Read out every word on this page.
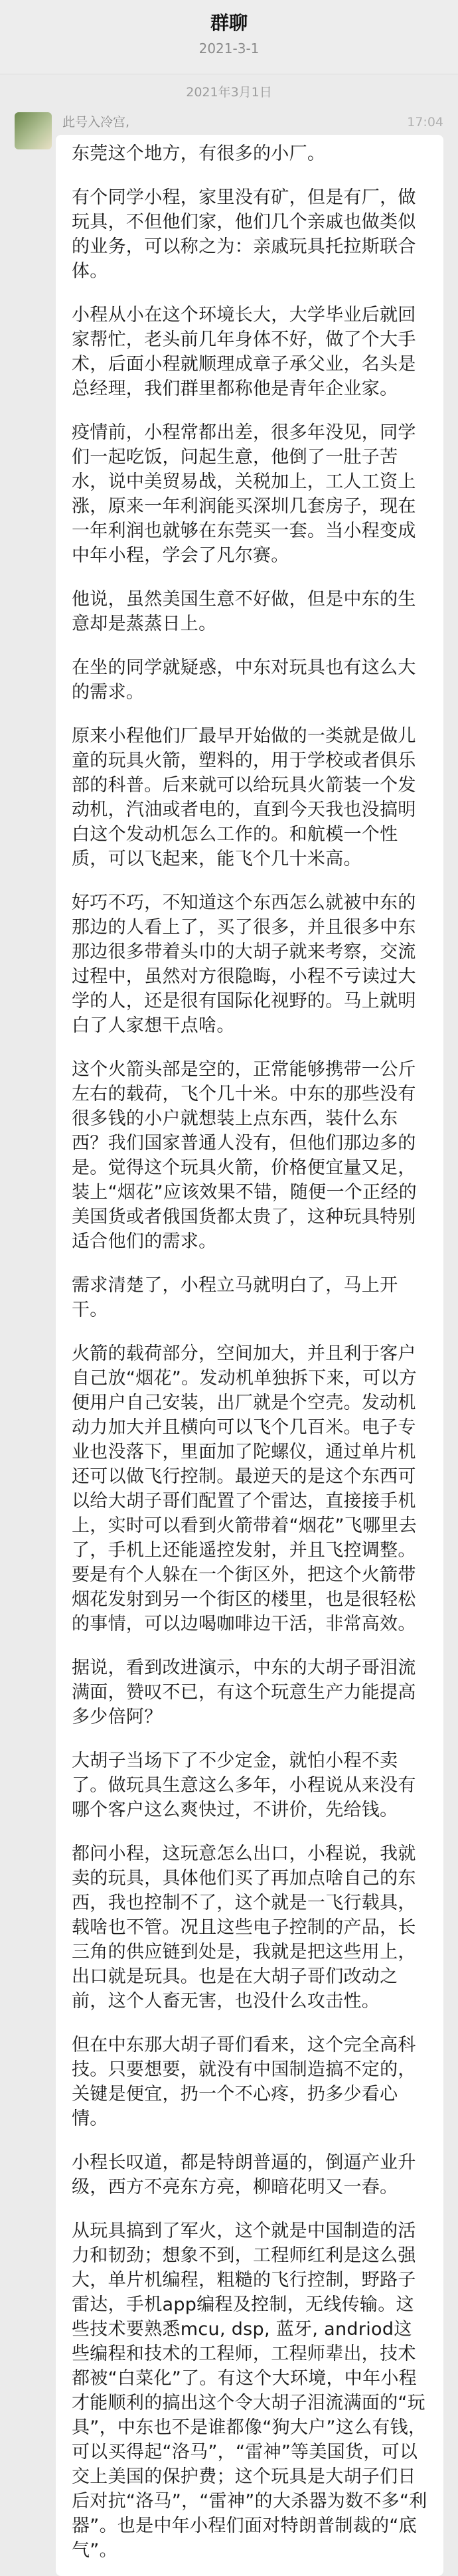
群聊
2021-3-1
2021年3月1日
此号入冷宫,	17:04

东莞这个地方，有很多的小厂。

有个同学小程，家里没有矿，但是有厂，做玩具，不但他们家，他们几个亲戚也做类似的业务，可以称之为：亲戚玩具托拉斯联合体。

小程从小在这个环境长大，大学毕业后就回家帮忙，老头前几年身体不好，做了个大手术，后面小程就顺理成章子承父业，名头是总经理，我们群里都称他是青年企业家。

疫情前，小程常都出差，很多年没见，同学们一起吃饭，问起生意，他倒了一肚子苦水，说中美贸易战，关税加上，工人工资上涨，原来一年利润能买深圳几套房子，现在一年利润也就够在东莞买一套。当小程变成中年小程，学会了凡尔赛。

他说，虽然美国生意不好做，但是中东的生意却是蒸蒸日上。

在坐的同学就疑惑，中东对玩具也有这么大的需求。

原来小程他们厂最早开始做的一类就是做儿童的玩具火箭，塑料的，用于学校或者俱乐部的科普。后来就可以给玩具火箭装一个发动机，汽油或者电的，直到今天我也没搞明白这个发动机怎么工作的。和航模一个性质，可以飞起来，能飞个几十米高。

好巧不巧，不知道这个东西怎么就被中东的那边的人看上了，买了很多，并且很多中东那边很多带着头巾的大胡子就来考察，交流过程中，虽然对方很隐晦，小程不亏读过大学的人，还是很有国际化视野的。马上就明白了人家想干点啥。

这个火箭头部是空的，正常能够携带一公斤左右的载荷，飞个几十米。中东的那些没有很多钱的小户就想装上点东西，装什么东西？我们国家普通人没有，但他们那边多的是。觉得这个玩具火箭，价格便宜量又足，装上“烟花”应该效果不错，随便一个正经的美国货或者俄国货都太贵了，这种玩具特别适合他们的需求。

需求清楚了，小程立马就明白了，马上开干。

火箭的载荷部分，空间加大，并且利于客户自己放“烟花”。发动机单独拆下来，可以方便用户自己安装，出厂就是个空壳。发动机动力加大并且横向可以飞个几百米。电子专业也没落下，里面加了陀螺仪，通过单片机还可以做飞行控制。最逆天的是这个东西可以给大胡子哥们配置了个雷达，直接接手机上，实时可以看到火箭带着“烟花”飞哪里去了，手机上还能遥控发射，并且飞控调整。要是有个人躲在一个街区外，把这个火箭带烟花发射到另一个街区的楼里，也是很轻松的事情，可以边喝咖啡边干活，非常高效。

据说，看到改进演示，中东的大胡子哥泪流满面，赞叹不已，有这个玩意生产力能提高多少倍阿？

大胡子当场下了不少定金，就怕小程不卖了。做玩具生意这么多年，小程说从来没有哪个客户这么爽快过，不讲价，先给钱。

都问小程，这玩意怎么出口，小程说，我就卖的玩具，具体他们买了再加点啥自己的东西，我也控制不了，这个就是一飞行载具，载啥也不管。况且这些电子控制的产品，长三角的供应链到处是，我就是把这些用上，出口就是玩具。也是在大胡子哥们改动之前，这个人畜无害，也没什么攻击性。

但在中东那大胡子哥们看来，这个完全高科技。只要想要，就没有中国制造搞不定的，关键是便宜，扔一个不心疼，扔多少看心情。

小程长叹道，都是特朗普逼的，倒逼产业升级，西方不亮东方亮，柳暗花明又一春。

从玩具搞到了军火，这个就是中国制造的活力和韧劲；想象不到，工程师红利是这么强大，单片机编程，粗糙的飞行控制，野路子雷达，手机app编程及控制，无线传输。这些技术要熟悉mcu, dsp, 蓝牙, andriod这些编程和技术的工程师，工程师辈出，技术都被“白菜化”了。有这个大环境，中年小程才能顺利的搞出这个令大胡子泪流满面的“玩具”，中东也不是谁都像“狗大户”这么有钱，可以买得起“洛马”，“雷神”等美国货，可以交上美国的保护费；这个玩具是大胡子们日后对抗“洛马”，“雷神”的大杀器为数不多“利器”。也是中年小程们面对特朗普制裁的“底气”。
